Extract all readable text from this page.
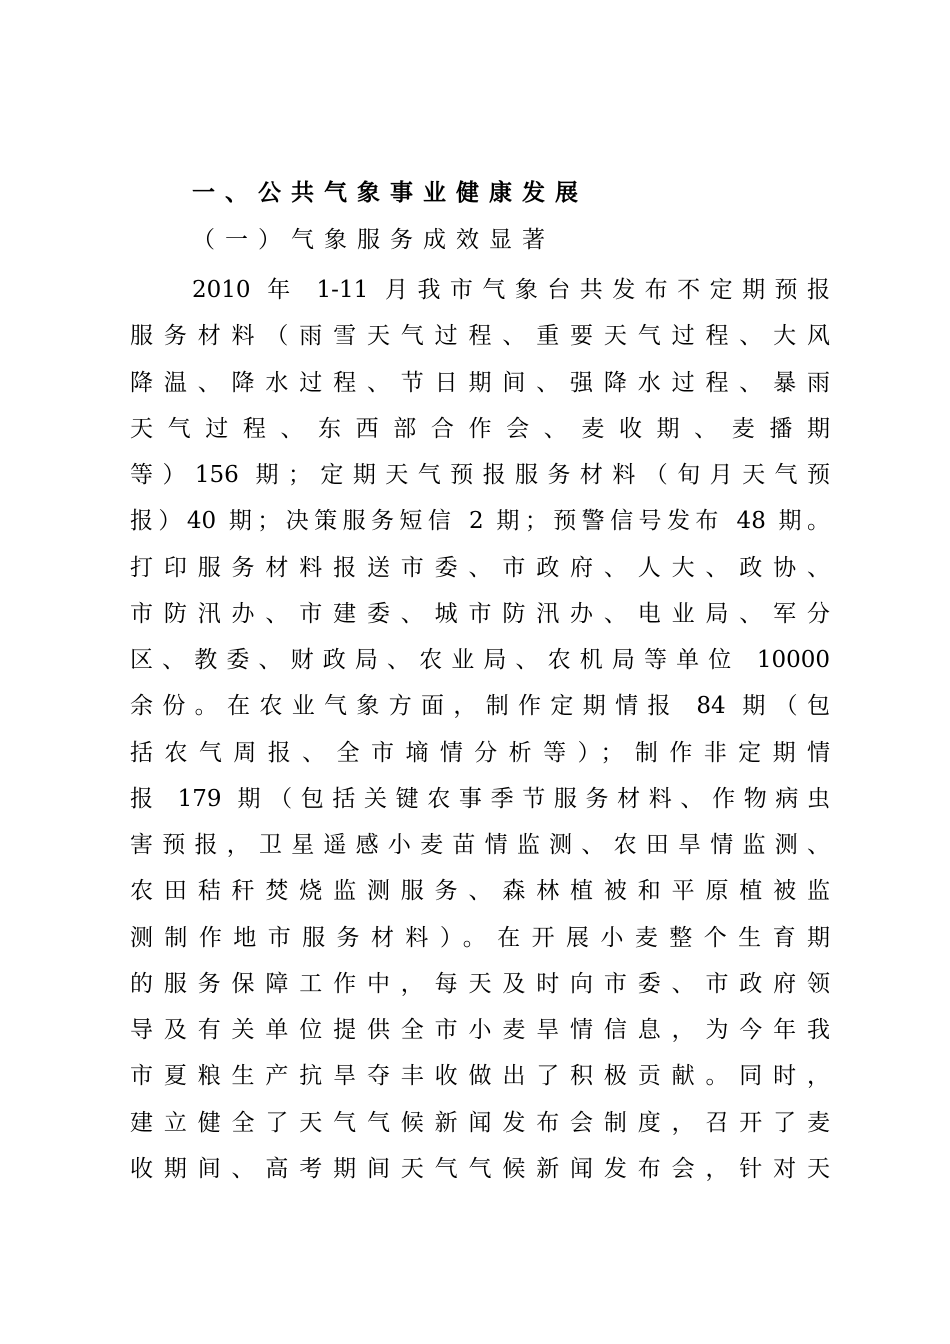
一、公共气象事业健康发展
（一）气象服务成效显著
2010 年 1-11 月我市气象台共发布不定期预报
服务材料（雨雪天气过程、重要天气过程、大风
降温、降水过程、节日期间、强降水过程、暴雨
天气过程、东西部合作会、麦收期、麦播期
等）156 期；定期天气预报服务材料（旬月天气预
报）40 期；决策服务短信 2 期；预警信号发布 48 期。
打印服务材料报送市委、市政府、人大、政协、
市防汛办、市建委、城市防汛办、电业局、军分
区、教委、财政局、农业局、农机局等单位 10000
余份。在农业气象方面，制作定期情报 84 期（包
括农气周报、全市墒情分析等）；制作非定期情
报 179 期（包括关键农事季节服务材料、作物病虫
害预报，卫星遥感小麦苗情监测、农田旱情监测、
农田秸秆焚烧监测服务、森林植被和平原植被监
测制作地市服务材料）。在开展小麦整个生育期
的服务保障工作中，每天及时向市委、市政府领
导及有关单位提供全市小麦旱情信息，为今年我
市夏粮生产抗旱夺丰收做出了积极贡献。同时，
建立健全了天气气候新闻发布会制度，召开了麦
收期间、高考期间天气气候新闻发布会，针对天
